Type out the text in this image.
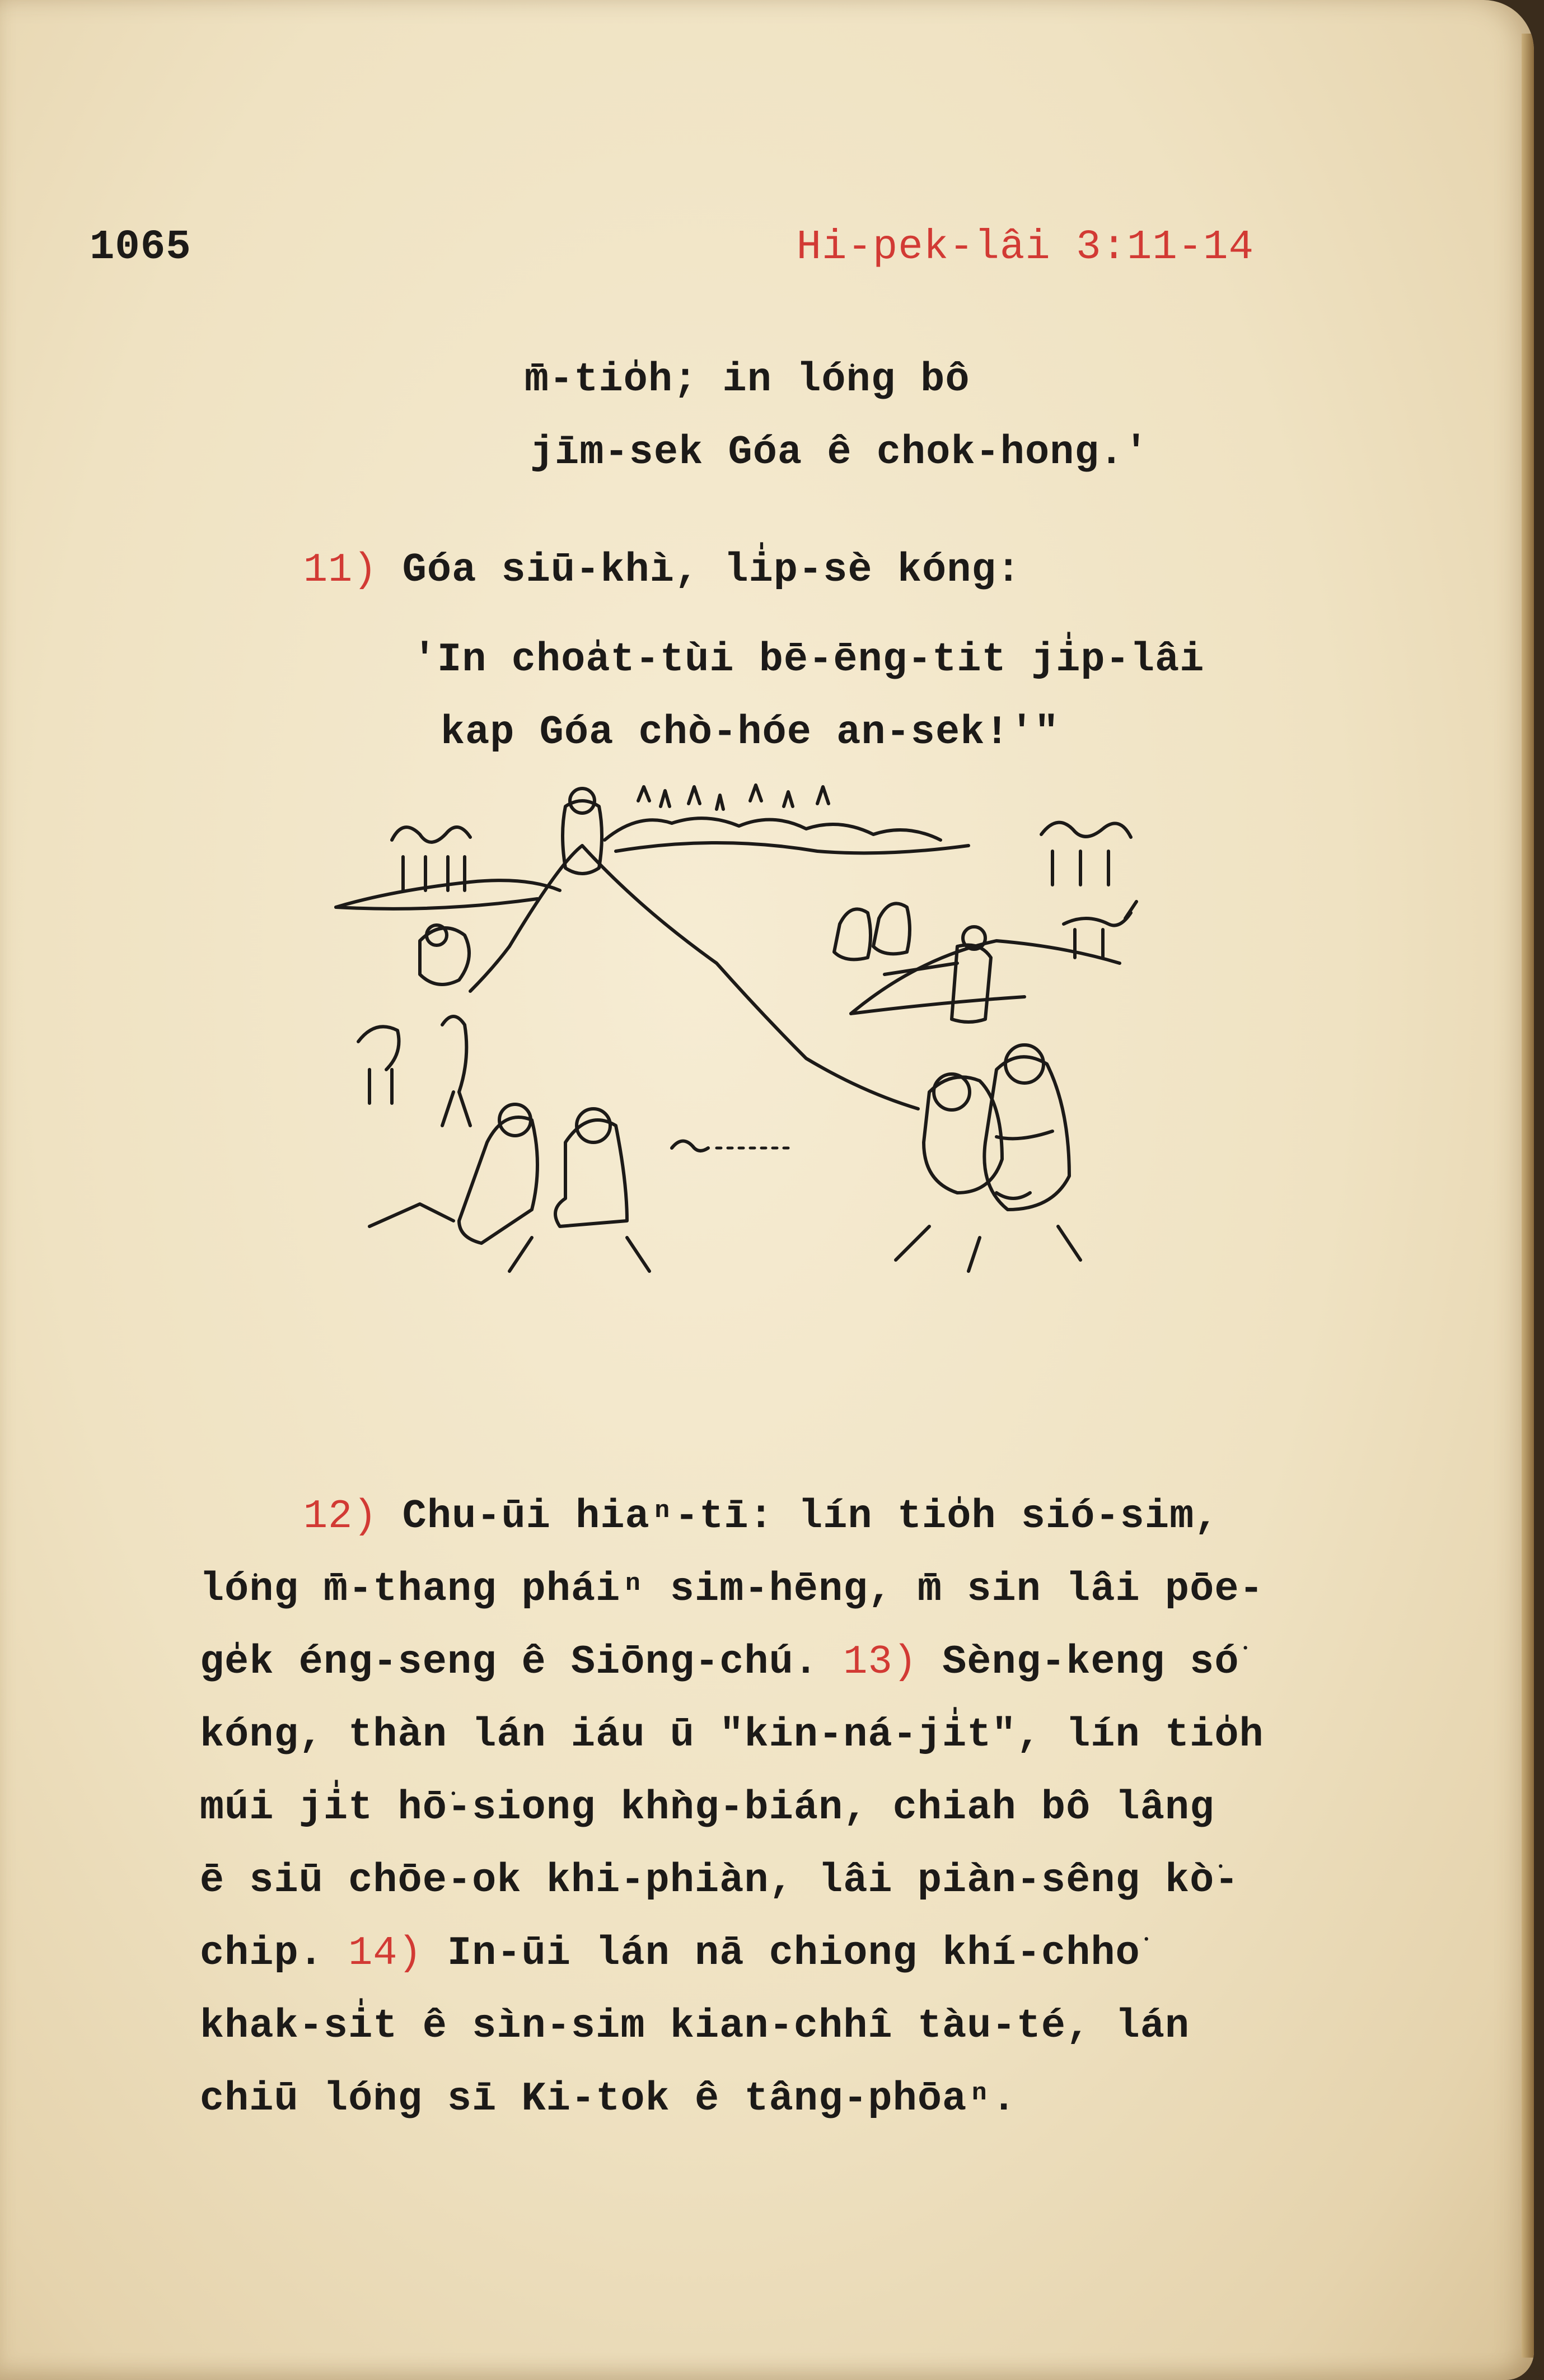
1065	Hi-pek-lâi 3:11-14

m̄-tio̍h; in ló͘ng bô

jīm-sek Góa ê chok-hong.'

11) Góa siū-khì, li̍p-sè kóng:

'In choa̍t-tùi bē-ēng-tit ji̍p-lâi

kap Góa chò-hóe an-sek!'"

12) Chu-ūi hiaⁿ-tī: lín tio̍h sió-sim,

ló͘ng m̄-thang pháiⁿ sim-hēng, m̄ sin lâi pōe-

ge̍k éng-seng ê Siōng-chú. 13) Sèng-keng só͘

kóng, thàn lán iáu ū "kin-ná-ji̍t", lín tio̍h

múi ji̍t hō͘-siong khǹg-bián, chiah bô lâng

ē siū chōe-ok khi-phiàn, lâi piàn-sêng kò͘-

chip. 14) In-ūi lán nā chiong khí-chho͘

khak-si̍t ê sìn-sim kian-chhî tàu-té, lán

chiū ló͘ng sī Ki-tok ê tâng-phōaⁿ.
